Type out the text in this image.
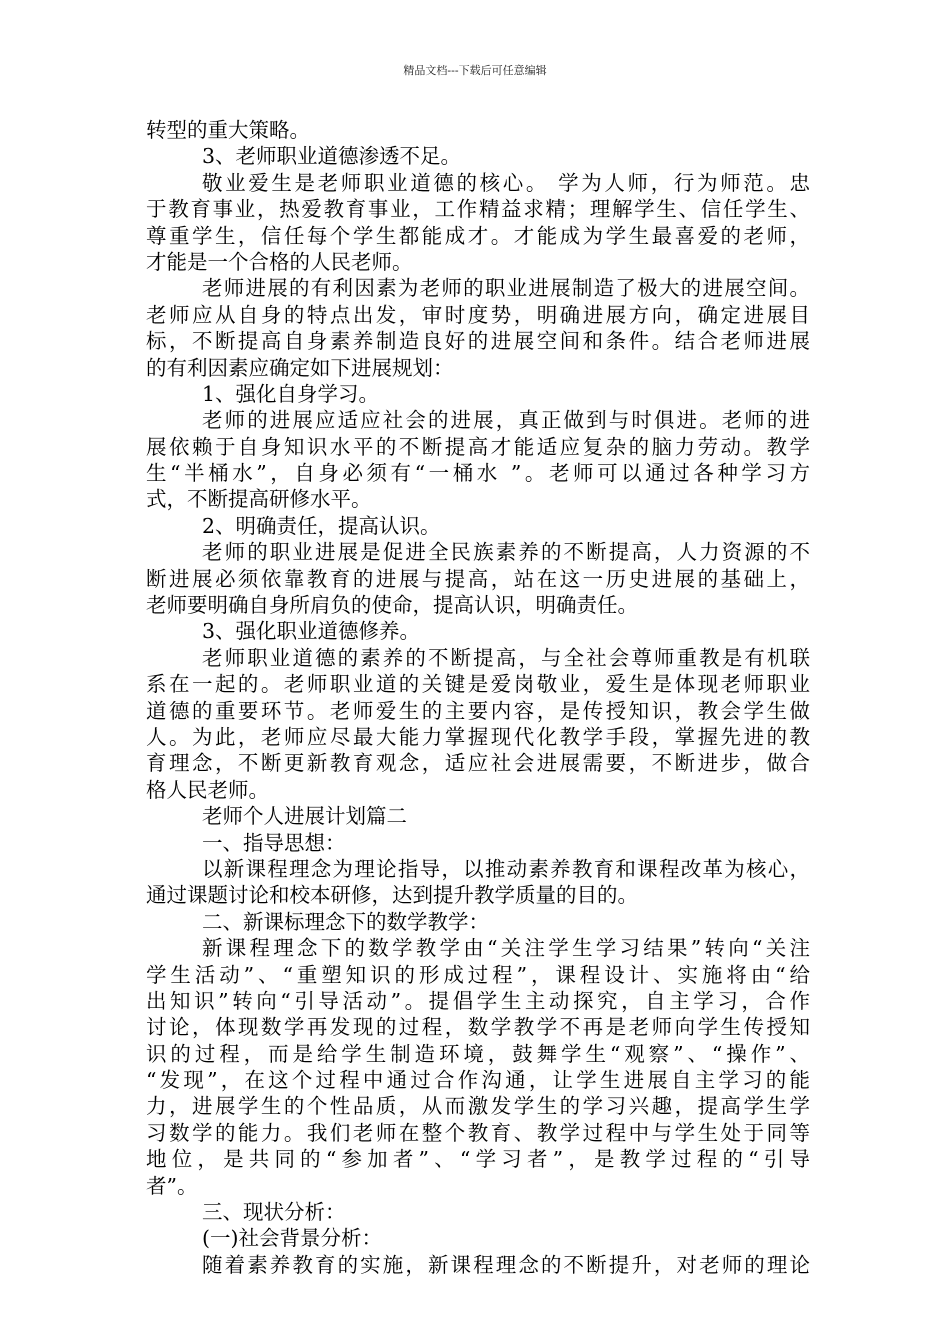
精品文档---下载后可任意编辑
转型的重大策略。
3、老师职业道德渗透不足。
敬业爱生是老师职业道德的核心。 学为人师，行为师范。忠
于教育事业，热爱教育事业，工作精益求精；理解学生、信任学生、
尊重学生，信任每个学生都能成才。才能成为学生最喜爱的老师，
才能是一个合格的人民老师。
老师进展的有利因素为老师的职业进展制造了极大的进展空间。
老师应从自身的特点出发，审时度势，明确进展方向，确定进展目
标，不断提高自身素养制造良好的进展空间和条件。结合老师进展
的有利因素应确定如下进展规划：
1、强化自身学习。
老师的进展应适应社会的进展，真正做到与时俱进。老师的进
展依赖于自身知识水平的不断提高才能适应复杂的脑力劳动。教学
生“半桶水”，自身必须有“一桶水 ”。老师可以通过各种学习方
式，不断提高研修水平。
2、明确责任，提高认识。
老师的职业进展是促进全民族素养的不断提高，人力资源的不
断进展必须依靠教育的进展与提高，站在这一历史进展的基础上，
老师要明确自身所肩负的使命，提高认识，明确责任。
3、强化职业道德修养。
老师职业道德的素养的不断提高，与全社会尊师重教是有机联
系在一起的。老师职业道的关键是爱岗敬业，爱生是体现老师职业
道德的重要环节。老师爱生的主要内容，是传授知识，教会学生做
人。为此，老师应尽最大能力掌握现代化教学手段，掌握先进的教
育理念，不断更新教育观念，适应社会进展需要，不断进步，做合
格人民老师。
老师个人进展计划篇二
一、指导思想：
以新课程理念为理论指导，以推动素养教育和课程改革为核心，
通过课题讨论和校本研修，达到提升教学质量的目的。
二、新课标理念下的数学教学：
新课程理念下的数学教学由“关注学生学习结果”转向“关注
学生活动”、“重塑知识的形成过程”，课程设计、实施将由“给
出知识”转向“引导活动”。提倡学生主动探究，自主学习，合作
讨论，体现数学再发现的过程，数学教学不再是老师向学生传授知
识的过程，而是给学生制造环境，鼓舞学生“观察”、“操作”、
“发现”，在这个过程中通过合作沟通，让学生进展自主学习的能
力，进展学生的个性品质，从而激发学生的学习兴趣，提高学生学
习数学的能力。我们老师在整个教育、教学过程中与学生处于同等
地位，是共同的“参加者”、“学习者”，是教学过程的“引导
者”。
三、现状分析：
(一)社会背景分析：
随着素养教育的实施，新课程理念的不断提升，对老师的理论
